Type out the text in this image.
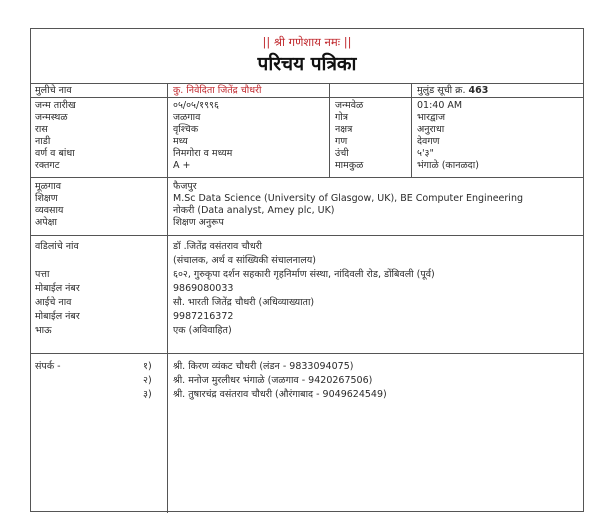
|| श्री गणेशाय नमः ||
परिचय पत्रिका
मुलीचे नाव	कु. निवेदिता जितेंद्र चौधरी	मुलुंड सूची क्र. 463
जन्म तारीख	०५/०५/१९९६	जन्मवेळ	01:40 AM
जन्मस्थळ	जळगाव	गोत्र	भारद्वाज
रास	वृश्चिक	नक्षत्र	अनुराधा
नाडी	मध्य	गण	देवगण
वर्ण व बांधा	निमगोरा व मध्यम	उंची	५'३"
रक्तगट	A +	मामकुळ	भंगाळे (कानळदा)
मूळगाव	फैजपुर
शिक्षण	M.Sc Data Science (University of Glasgow, UK), BE Computer Engineering
व्यवसाय	नोकरी (Data analyst, Amey plc, UK)
अपेक्षा	शिक्षण अनुरूप
वडिलांचे नांव	डॉ .जितेंद्र वसंतराव चौधरी
(संचालक, अर्थ व सांख्यिकी संचालनालय)
पत्ता	६०२, गुरुकृपा दर्शन सहकारी गृहनिर्माण संस्था, नांदिवली रोड, डोंबिवली (पूर्व)
मोबाईल नंबर	9869080033
आईचे नाव	सौ. भारती जितेंद्र चौधरी (अधिव्याख्याता)
मोबाईल नंबर	9987216372
भाऊ	एक (अविवाहित)
संपर्क -	१) श्री. किरण व्यंकट चौधरी (लंडन - 9833094075)
२) श्री. मनोज मुरलीधर भंगाळे (जळगाव - 9420267506)
३) श्री. तुषारचंद्र वसंतराव चौधरी (औरंगाबाद - 9049624549)
